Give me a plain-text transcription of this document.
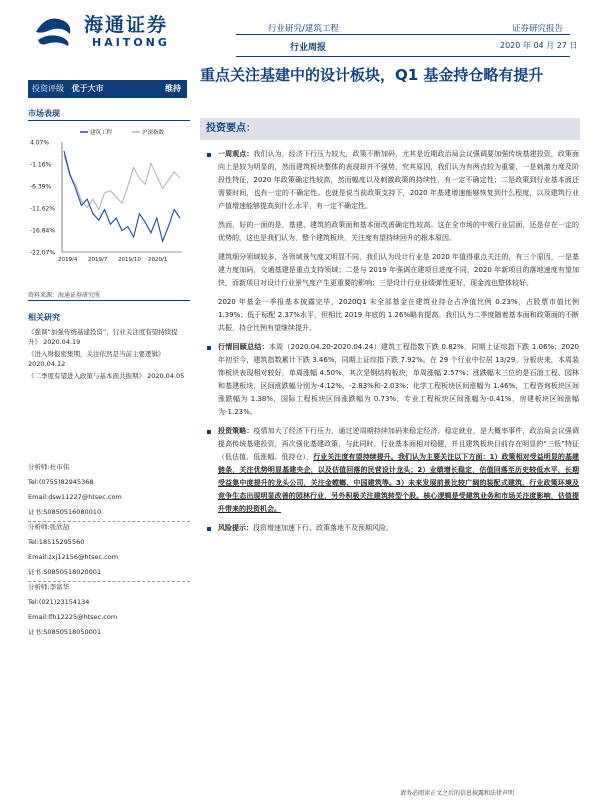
海通证券
HAITONG
行业研究/建筑工程
行业周报
证券研究报告
2020 年 04 月 27 日
投资评级 优于大市	维持
重点关注基建中的设计板块，Q1 基金持仓略有提升
投资要点：
市场表现
4.07%
-1.16%
-6.39%
-11.62%
-16.84%
-22.07%
2019/4 2019/7 2019/10 2020/1
建筑工程	沪深指数
资料来源：海通证券研究所
相关研究
《强调“加强传统基建投资”，行业关注度有望持续提升》 2020.04.19
《进入财报密集期，关注依然是当前主要逻辑》 2020.04.12
《二季度有望进入政策与基本面共振期》 2020.04.05
分析师:杜市伟
Tel:(0755)82945368
Email:dsw11227@htsec.com
证书:S0850516080010
分析师:张欣劼
Tel:18515295560
Email:zxj12156@htsec.com
证书:S0850518020001
分析师:李富华
Tel:(021)23154134
Email:lfh12225@htsec.com
证书:S0850518050001

一周观点：我们认为，经济下行压力较大，政策不断加码，尤其是近期政治局会议强调要加强传统基建投资，政策面向上是较为明显的，然而建筑板块整体的表现却并不强势，究其原因，我们认为有两点较为重要，一是刺激力度及阶段性特征，2020 年政策确定性较高，然而幅度以及刺激政策的持续性，有一定不确定性；二是政策到行业基本面还需要时间，也有一定的不确定性。也就是说当前政策支持下，2020 年基建增速能够恢复到什么程度，以及建筑行业产值增速能够提高到什么水平，有一定不确定性。

然而，好的一面的是，基建、建筑的政策面和基本面改善确定性较高。这在全市场的中观行业层面，还是存在一定的优势的，这也是我们认为，整个建筑板块，关注度有望持续回升的根本原因。

建筑细分领域较多，各领域景气度又明显不同，我们认为设计行业是 2020 年值得重点关注的，有三个原因，一是基建力度加码，交通基建是重点支持领域；二是与 2019 年强调在建项目进度不同，2020 年新项目的落地速度有望加快，而新项目对设计行业景气度产生更重要的影响；三是设计行业业绩弹性更好，现金流也整体较好。

2020 年基金一季报基本披露完毕，2020Q1 末全部基金在建筑业持仓占净值比例 0.23%，占股票市值比例 1.39%；低于标配 2.37%水平，但相比 2019 年底的 1.26%略有提高。我们认为二季度随着基本面和政策面的不断共振，持仓比例有望继续提升。

行情回顾总结：本周（2020.04.20-2020.04.24）建筑工程指数下跌 0.82%，同期上证综指下跌 1.06%；2020 年初至今，建筑指数累计下跌 3.46%，同期上证综指下跌 7.92%。在 29 个行业中位居 13/29。分板块来，本周装饰板块表现相对较好，单周涨幅 4.50%，其次是钢结构板块，单周涨幅 2.57%；涨跌幅末三位的是石油工程、园林和基建板块，区间涨跌幅分别为-4.12%、-2.83%和-2.03%；化学工程板块区间涨幅为 1.46%，工程咨询板块区间涨跌幅为 1.38%，国际工程板块区间涨跌幅为 0.73%，专业工程板块区间涨幅为-0.41%，房建板块区间涨幅为-1.23%。

投资策略：疫情加大了经济下行压力，通过逆周期持续加码来稳定经济、稳定就业，是大概率事件，政治局会议强调提高传统基建投资，再次强化基建政策，与此同时，行业基本面相对稳健，并且建筑板块目前存在明显的“三低”特征（低估值、低涨幅、低持仓），行业关注度有望持续提升。我们认为主要关注以下方面：1）政策相对受益明显的基建链条，关注优势明显基建央企，以及估值回落的民营设计龙头；2）业绩增长稳定，估值回落至历史较低水平，长期受益集中度提升的龙头公司，关注金螳螂、中国建筑等。3）未来发展前景比较广阔的装配式建筑、行业政策环境及竞争生态出现明显改善的园林行业，另外积极关注建筑转型个股。核心逻辑是受建筑业务和市场关注度影响，估值提升带来的投资机会。

风险提示：投资增速加速下行、政策落地不及预期风险。

请务必阅读正文之后的信息披露和法律声明
